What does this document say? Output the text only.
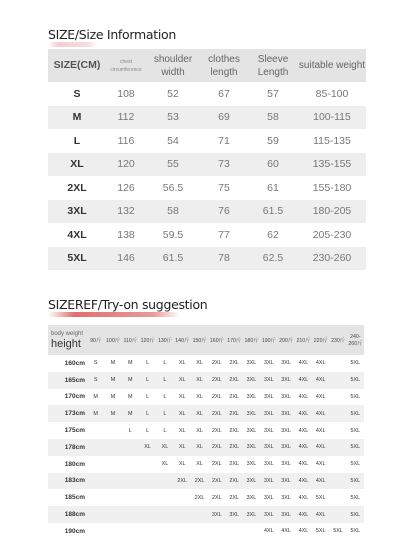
SIZE/Size Information
SIZE(CM)	chest circumference	shoulder width	clothes length	Sleeve Length	suitable weight
S	108	52	67	57	85-100
M	112	53	69	58	100-115
L	116	54	71	59	115-135
XL	120	55	73	60	135-155
2XL	126	56.5	75	61	155-180
3XL	132	58	76	61.5	180-205
4XL	138	59.5	77	62	205-230
5XL	146	61.5	78	62.5	230-260
SIZEREF/Try-on suggestion
body weight
height	90斤	100斤	110斤	120斤	130斤	140斤	150斤	160斤	170斤	180斤	190斤	200斤	210斤	220斤	230斤	240-260斤
160cm	S	M	M	L	L	XL	XL	2XL	2XL	3XL	3XL	3XL	4XL	4XL		5XL
165cm	S	M	M	L	L	XL	XL	2XL	2XL	3XL	3XL	3XL	4XL	4XL		5XL
170cm	M	M	M	L	L	XL	XL	2XL	2XL	3XL	3XL	3XL	4XL	4XL		5XL
173cm	M	M	M	L	L	XL	XL	2XL	2XL	3XL	3XL	3XL	4XL	4XL		5XL
175cm			L	L	L	XL	XL	2XL	2XL	3XL	3XL	3XL	4XL	4XL		5XL
178cm				XL	XL	XL	XL	2XL	2XL	3XL	3XL	3XL	4XL	4XL		5XL
180cm					XL	XL	XL	2XL	2XL	3XL	3XL	3XL	4XL	4XL		5XL
183cm						2XL	2XL	2XL	2XL	3XL	3XL	3XL	4XL	4XL		5XL
185cm							2XL	2XL	2XL	3XL	3XL	3XL	4XL	5XL		5XL
188cm								3XL	3XL	3XL	3XL	3XL	4XL	4XL		5XL
190cm											4XL	4XL	4XL	5XL	5XL	5XL
